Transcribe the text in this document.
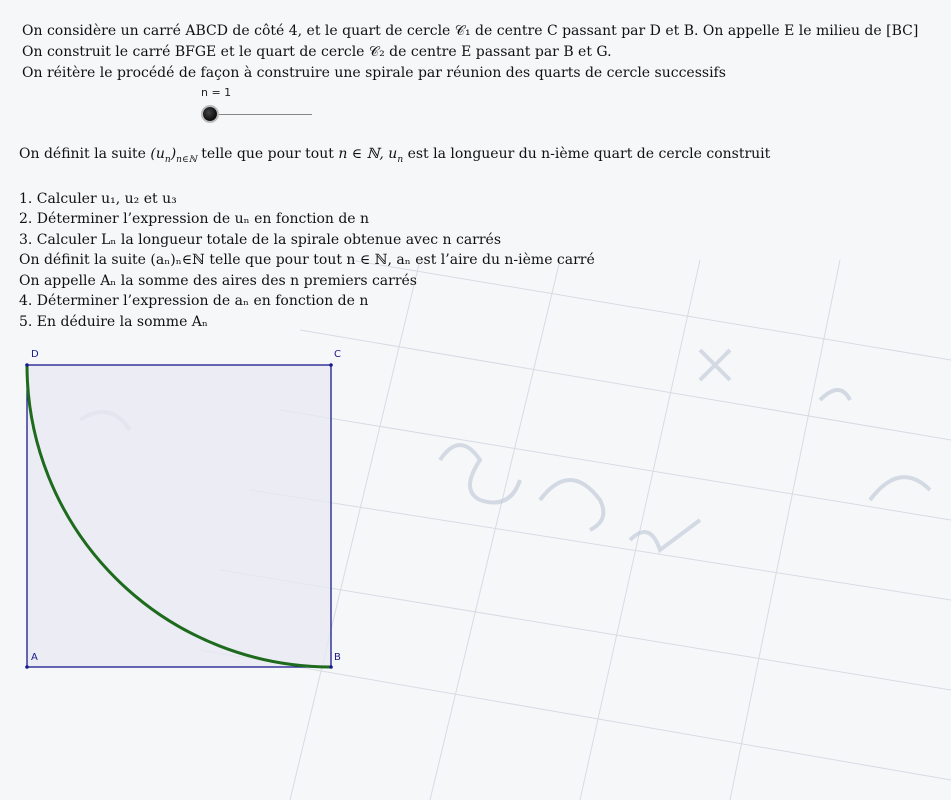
On considère un carré ABCD de côté 4, et le quart de cercle 𝒞₁ de centre C passant par D et B. On appelle E le milieu de [BC]
On construit le carré BFGE et le quart de cercle 𝒞₂ de centre E passant par B et G.
On réitère le procédé de façon à construire une spirale par réunion des quarts de cercle successifs
n = 1
On définit la suite $(u_n)_{n\in ℕ}$ telle que pour tout n ∈ ℕ, $u_n$ est la longueur du n-ième quart de cercle construit
1. Calculer u₁, u₂ et u₃
2. Déterminer l’expression de uₙ en fonction de n
3. Calculer Lₙ la longueur totale de la spirale obtenue avec n carrés
On définit la suite (aₙ)ₙ∈ℕ telle que pour tout n ∈ ℕ, aₙ est l’aire du n-ième carré
On appelle Aₙ la somme des aires des n premiers carrés
4. Déterminer l’expression de aₙ en fonction de n
5. En déduire la somme Aₙ
D	C
A	B
